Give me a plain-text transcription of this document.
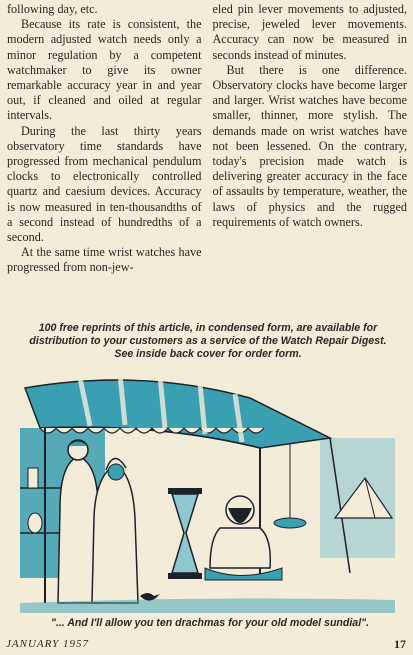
following day, etc.

Because its rate is consistent, the modern adjusted watch needs only a minor regulation by a competent watchmaker to give its owner remarkable accuracy year in and year out, if cleaned and oiled at regular intervals.

During the last thirty years observatory time standards have progressed from mechanical pendulum clocks to electronically controlled quartz and caesium devices. Accuracy is now measured in ten-thousandths of a second instead of hundredths of a second.

At the same time wrist watches have progressed from non-jew-

eled pin lever movements to adjusted, precise, jeweled lever movements. Accuracy can now be measured in seconds instead of minutes.

But there is one difference. Observatory clocks have become larger and larger. Wrist watches have become smaller, thinner, more stylish. The demands made on wrist watches have not been lessened. On the contrary, today's precision made watch is delivering greater accuracy in the face of assaults by temperature, weather, the laws of physics and the rugged requirements of watch owners.

100 free reprints of this article, in condensed form, are available for
distribution to your customers as a service of the Watch Repair Digest.
See inside back cover for order form.
"... And I'll allow you ten drachmas for your old model sundial".
JANUARY 1957	17
